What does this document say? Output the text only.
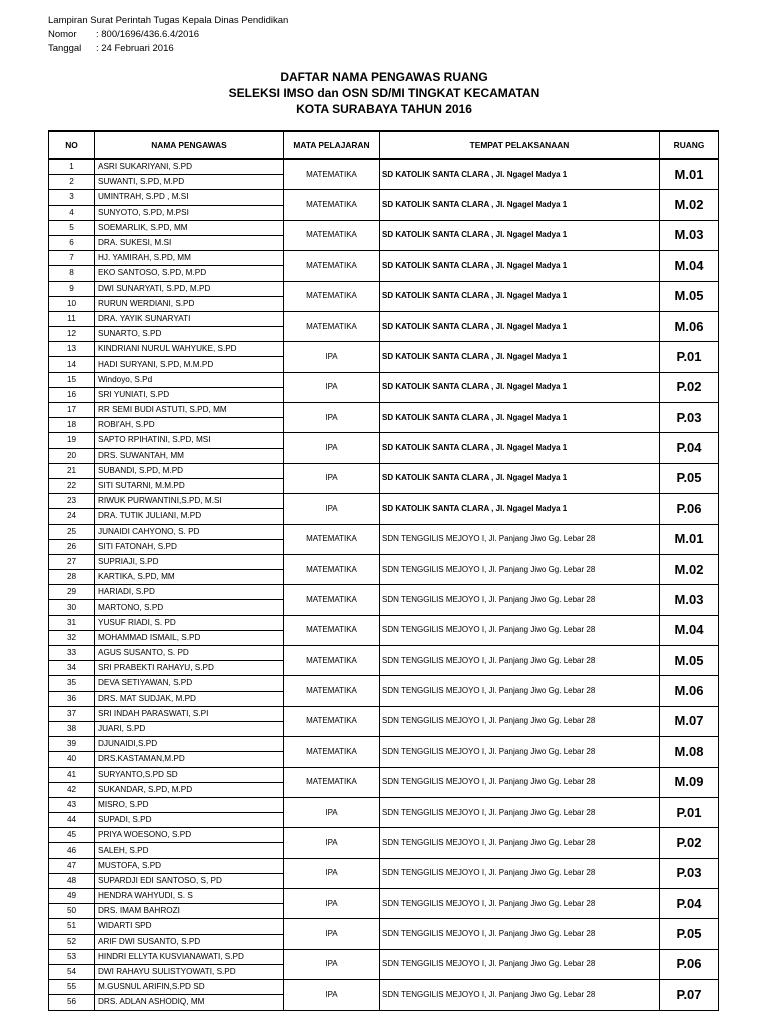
Lampiran Surat Perintah Tugas Kepala Dinas Pendidikan
Nomor	: 800/1696/436.6.4/2016
Tanggal	: 24 Februari 2016
DAFTAR NAMA PENGAWAS RUANG
SELEKSI IMSO dan OSN SD/MI TINGKAT KECAMATAN
KOTA SURABAYA TAHUN 2016
NO	NAMA PENGAWAS	MATA PELAJARAN	TEMPAT PELAKSANAAN	RUANG
1	ASRI SUKARIYANI, S.PD	MATEMATIKA	SD KATOLIK SANTA CLARA , Jl. Ngagel Madya 1	M.01
2	SUWANTI, S.PD, M.PD			
3	UMINTRAH, S.PD , M.SI	MATEMATIKA	SD KATOLIK SANTA CLARA , Jl. Ngagel Madya 1	M.02
4	SUNYOTO, S.PD, M.PSI			
5	SOEMARLIK, S.PD, MM	MATEMATIKA	SD KATOLIK SANTA CLARA , Jl. Ngagel Madya 1	M.03
6	DRA. SUKESI, M.SI			
7	HJ. YAMIRAH, S.PD, MM	MATEMATIKA	SD KATOLIK SANTA CLARA , Jl. Ngagel Madya 1	M.04
8	EKO SANTOSO, S.PD, M.PD			
9	DWI SUNARYATI, S.PD, M.PD	MATEMATIKA	SD KATOLIK SANTA CLARA , Jl. Ngagel Madya 1	M.05
10	RURUN WERDIANI, S.PD			
11	DRA. YAYIK SUNARYATI	MATEMATIKA	SD KATOLIK SANTA CLARA , Jl. Ngagel Madya 1	M.06
12	SUNARTO, S.PD			
13	KINDRIANI NURUL WAHYUKE, S.PD	IPA	SD KATOLIK SANTA CLARA , Jl. Ngagel Madya 1	P.01
14	HADI SURYANI, S.PD, M.M.PD			
15	Windoyo, S.Pd	IPA	SD KATOLIK SANTA CLARA , Jl. Ngagel Madya 1	P.02
16	SRI YUNIATI, S.PD			
17	RR SEMI BUDI ASTUTI, S.PD, MM	IPA	SD KATOLIK SANTA CLARA , Jl. Ngagel Madya 1	P.03
18	ROBI'AH, S.PD			
19	SAPTO RPIHATINI, S.PD, MSI	IPA	SD KATOLIK SANTA CLARA , Jl. Ngagel Madya 1	P.04
20	DRS. SUWANTAH, MM			
21	SUBANDI, S.PD, M.PD	IPA	SD KATOLIK SANTA CLARA , Jl. Ngagel Madya 1	P.05
22	SITI SUTARNI, M.M.PD			
23	RIWUK PURWANTINI,S.PD, M.SI	IPA	SD KATOLIK SANTA CLARA , Jl. Ngagel Madya 1	P.06
24	DRA. TUTIK JULIANI, M.PD			
25	JUNAIDI CAHYONO, S. PD	MATEMATIKA	SDN TENGGILIS MEJOYO I, Jl. Panjang Jiwo Gg. Lebar 28	M.01
26	SITI FATONAH, S.PD			
27	SUPRIAJI, S.PD	MATEMATIKA	SDN TENGGILIS MEJOYO I, Jl. Panjang Jiwo Gg. Lebar 28	M.02
28	KARTIKA, S.PD, MM			
29	HARIADI, S.PD	MATEMATIKA	SDN TENGGILIS MEJOYO I, Jl. Panjang Jiwo Gg. Lebar 28	M.03
30	MARTONO, S.PD			
31	YUSUF RIADI, S. PD	MATEMATIKA	SDN TENGGILIS MEJOYO I, Jl. Panjang Jiwo Gg. Lebar 28	M.04
32	MOHAMMAD ISMAIL, S.PD			
33	AGUS SUSANTO, S. PD	MATEMATIKA	SDN TENGGILIS MEJOYO I, Jl. Panjang Jiwo Gg. Lebar 28	M.05
34	SRI PRABEKTI RAHAYU, S.PD			
35	DEVA SETIYAWAN, S.PD	MATEMATIKA	SDN TENGGILIS MEJOYO I, Jl. Panjang Jiwo Gg. Lebar 28	M.06
36	DRS. MAT SUDJAK, M.PD			
37	SRI INDAH PARASWATI, S.PI	MATEMATIKA	SDN TENGGILIS MEJOYO I, Jl. Panjang Jiwo Gg. Lebar 28	M.07
38	JUARI, S.PD			
39	DJUNAIDI,S.PD	MATEMATIKA	SDN TENGGILIS MEJOYO I, Jl. Panjang Jiwo Gg. Lebar 28	M.08
40	DRS.KASTAMAN,M.PD			
41	SURYANTO,S.PD SD	MATEMATIKA	SDN TENGGILIS MEJOYO I, Jl. Panjang Jiwo Gg. Lebar 28	M.09
42	SUKANDAR, S.PD, M.PD			
43	MISRO, S.PD	IPA	SDN TENGGILIS MEJOYO I, Jl. Panjang Jiwo Gg. Lebar 28	P.01
44	SUPADI, S.PD			
45	PRIYA WOESONO, S.PD	IPA	SDN TENGGILIS MEJOYO I, Jl. Panjang Jiwo Gg. Lebar 28	P.02
46	SALEH, S.PD			
47	MUSTOFA, S.PD	IPA	SDN TENGGILIS MEJOYO I, Jl. Panjang Jiwo Gg. Lebar 28	P.03
48	SUPARDJI EDI SANTOSO, S, PD			
49	HENDRA WAHYUDI, S. S	IPA	SDN TENGGILIS MEJOYO I, Jl. Panjang Jiwo Gg. Lebar 28	P.04
50	DRS. IMAM BAHROZI			
51	WIDARTI SPD	IPA	SDN TENGGILIS MEJOYO I, Jl. Panjang Jiwo Gg. Lebar 28	P.05
52	ARIF DWI SUSANTO, S.PD			
53	HINDRI ELLYTA KUSVIANAWATI, S.PD	IPA	SDN TENGGILIS MEJOYO I, Jl. Panjang Jiwo Gg. Lebar 28	P.06
54	DWI RAHAYU SULISTYOWATI, S.PD			
55	M.GUSNUL ARIFIN,S.PD SD	IPA	SDN TENGGILIS MEJOYO I, Jl. Panjang Jiwo Gg. Lebar 28	P.07
56	DRS. ADLAN ASHODIQ, MM			
